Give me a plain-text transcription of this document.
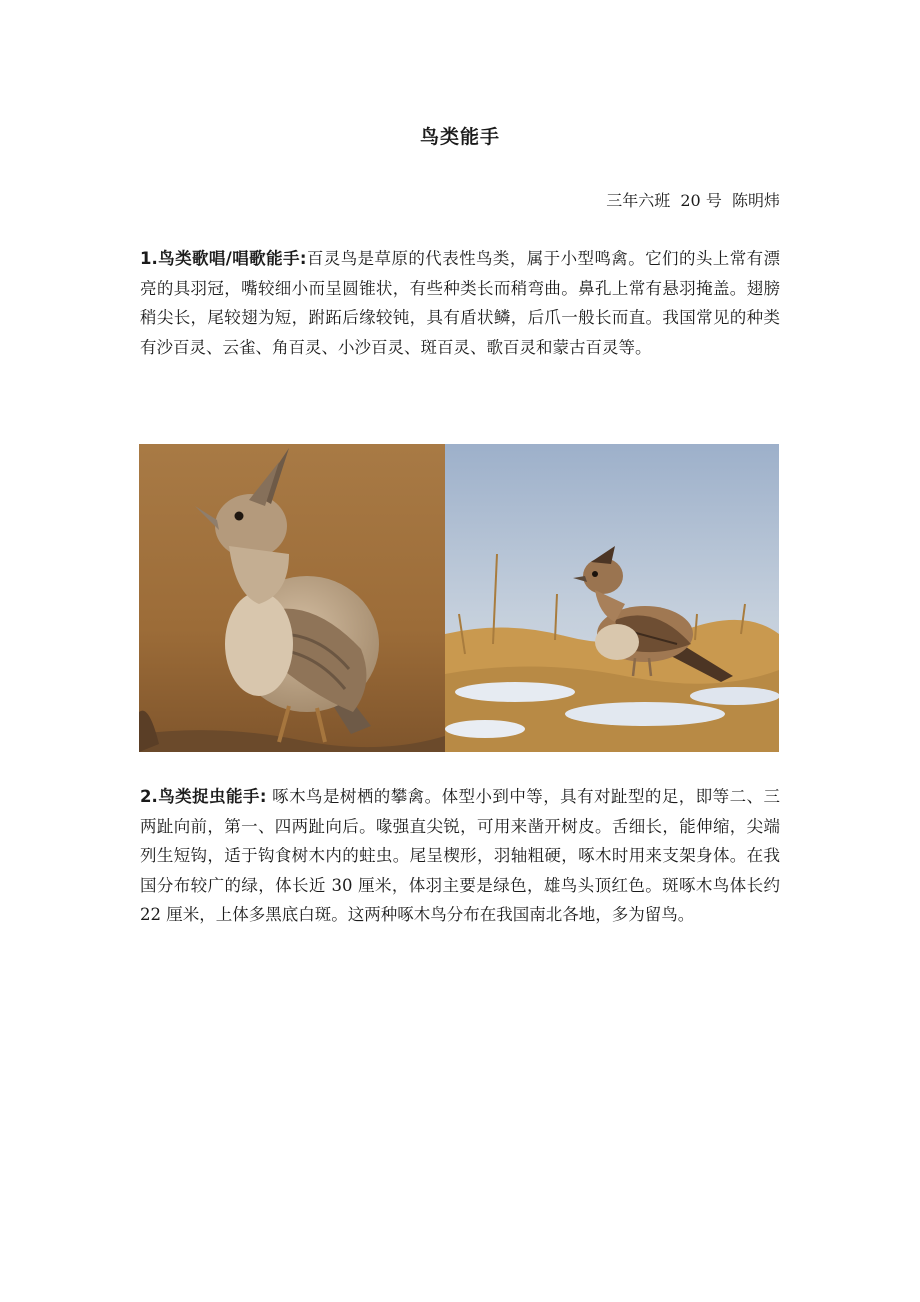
鸟类能手
三年六班  20 号  陈明炜

1.鸟类歌唱/唱歌能手:百灵鸟是草原的代表性鸟类，属于小型鸣禽。它们的头上常有漂亮的具羽冠，嘴较细小而呈圆锥状，有些种类长而稍弯曲。鼻孔上常有悬羽掩盖。翅膀稍尖长，尾较翅为短，跗跖后缘较钝，具有盾状鳞，后爪一般长而直。我国常见的种类有沙百灵、云雀、角百灵、小沙百灵、斑百灵、歌百灵和蒙古百灵等。

2.鸟类捉虫能手: 啄木鸟是树栖的攀禽。体型小到中等，具有对趾型的足，即等二、三两趾向前，第一、四两趾向后。喙强直尖锐，可用来凿开树皮。舌细长，能伸缩，尖端列生短钩，适于钩食树木内的蛀虫。尾呈楔形，羽轴粗硬，啄木时用来支架身体。在我国分布较广的绿，体长近 30 厘米，体羽主要是绿色，雄鸟头顶红色。斑啄木鸟体长约 22 厘米，上体多黑底白斑。这两种啄木鸟分布在我国南北各地，多为留鸟。
